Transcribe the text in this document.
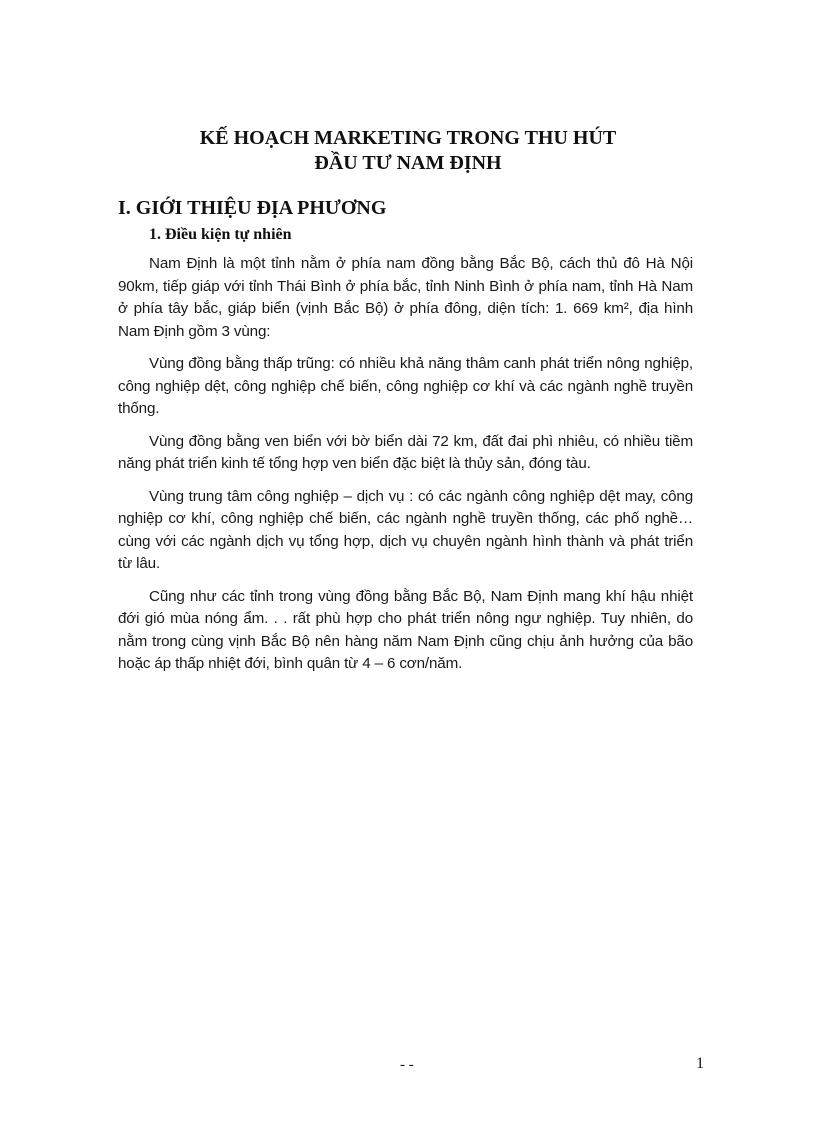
KẾ HOẠCH MARKETING TRONG THU HÚT
ĐẦU TƯ NAM ĐỊNH
I. GIỚI THIỆU ĐỊA PHƯƠNG
1. Điều kiện tự nhiên

Nam Định là một tỉnh nằm ở phía nam đồng bằng Bắc Bộ, cách thủ đô Hà Nội 90km, tiếp giáp với tỉnh Thái Bình ở phía bắc, tỉnh Ninh Bình ở phía nam, tỉnh Hà Nam ở phía tây bắc, giáp biển (vịnh Bắc Bộ) ở phía đông, diện tích: 1. 669 km², địa hình Nam Định gồm 3 vùng:

Vùng đồng bằng thấp trũng: có nhiều khả năng thâm canh phát triển nông nghiệp, công nghiệp dệt, công nghiệp chế biến, công nghiệp cơ khí và các ngành nghề truyền thống.

Vùng đồng bằng ven biển với bờ biển dài 72 km, đất đai phì nhiêu, có nhiều tiềm năng phát triển kinh tế tổng hợp ven biển đặc biệt là thủy sản, đóng tàu.

Vùng trung tâm công nghiệp – dịch vụ : có các ngành công nghiệp dệt may, công nghiệp cơ khí, công nghiệp chế biến, các ngành nghề truyền thống, các phố nghề… cùng với các ngành dịch vụ tổng hợp, dịch vụ chuyên ngành hình thành và phát triển từ lâu.

Cũng như các tỉnh trong vùng đồng bằng Bắc Bộ, Nam Định mang khí hậu nhiệt đới gió mùa nóng ẩm. . . rất phù hợp cho phát triển nông ngư nghiệp. Tuy nhiên, do nằm trong cùng vịnh Bắc Bộ nên hàng năm Nam Định cũng chịu ảnh hưởng của bão hoặc áp thấp nhiệt đới, bình quân từ 4 – 6 cơn/năm.

- -	1
